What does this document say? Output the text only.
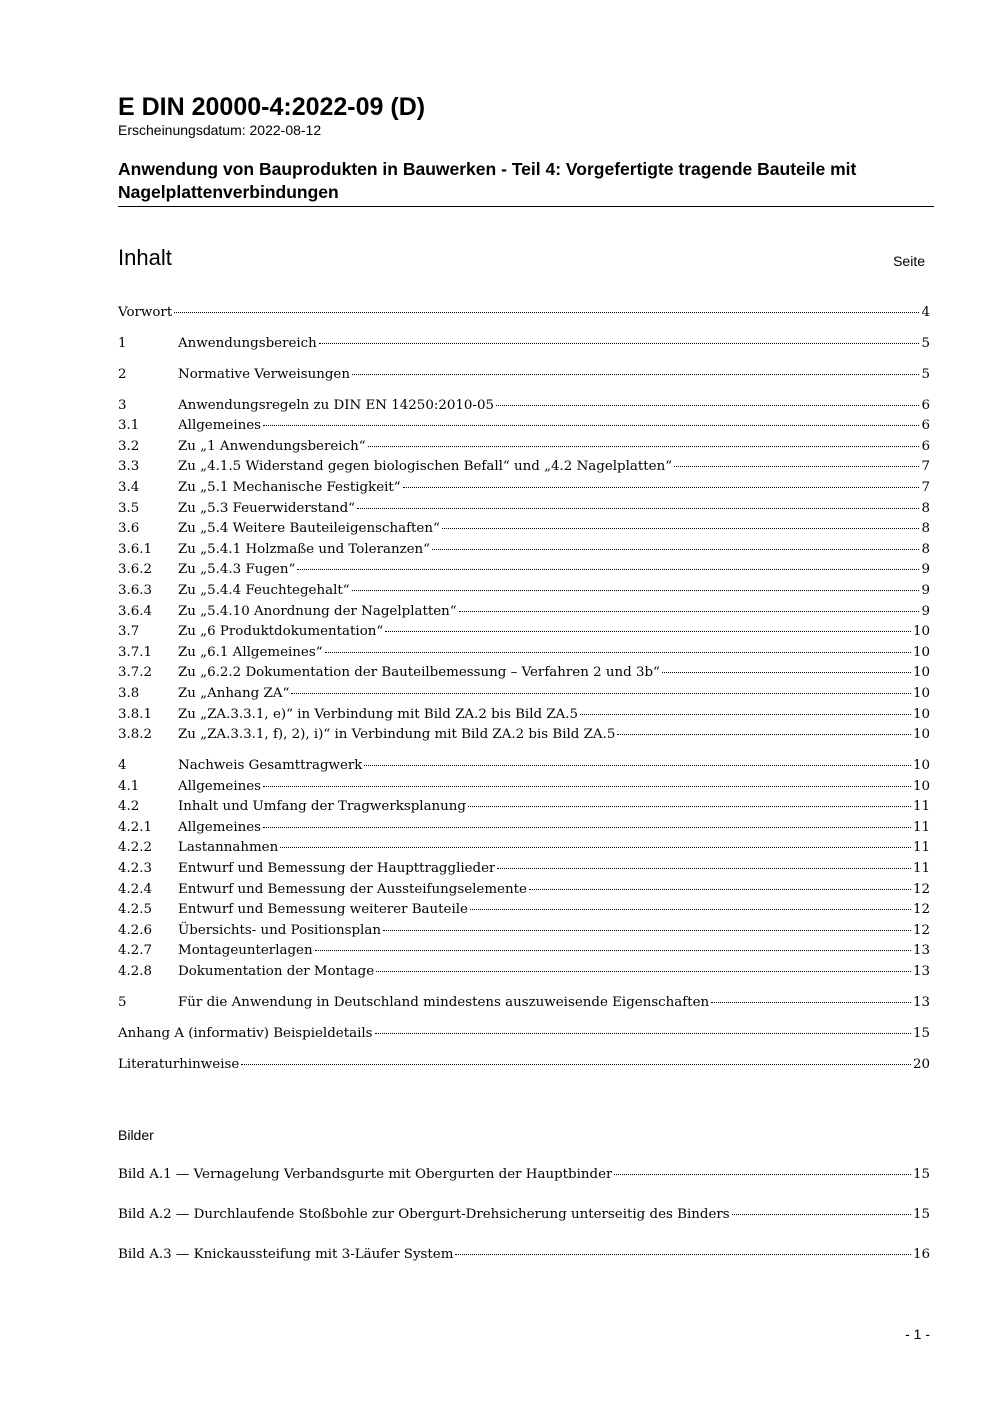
E DIN 20000-4:2022-09 (D)

Erscheinungsdatum: 2022-08-12

Anwendung von Bauprodukten in Bauwerken - Teil 4: Vorgefertigte tragende Bauteile mit Nagelplattenverbindungen

Inhalt	Seite
Vorwort	4
1	Anwendungsbereich	5
2	Normative Verweisungen	5
3	Anwendungsregeln zu DIN EN 14250:2010-05	6
3.1	Allgemeines	6
3.2	Zu „1 Anwendungsbereich“	6
3.3	Zu „4.1.5 Widerstand gegen biologischen Befall“ und „4.2 Nagelplatten“	7
3.4	Zu „5.1 Mechanische Festigkeit“	7
3.5	Zu „5.3 Feuerwiderstand“	8
3.6	Zu „5.4 Weitere Bauteileigenschaften“	8
3.6.1	Zu „5.4.1 Holzmaße und Toleranzen“	8
3.6.2	Zu „5.4.3 Fugen“	9
3.6.3	Zu „5.4.4 Feuchtegehalt“	9
3.6.4	Zu „5.4.10 Anordnung der Nagelplatten“	9
3.7	Zu „6 Produktdokumentation“	10
3.7.1	Zu „6.1 Allgemeines“	10
3.7.2	Zu „6.2.2 Dokumentation der Bauteilbemessung – Verfahren 2 und 3b“	10
3.8	Zu „Anhang ZA“	10
3.8.1	Zu „ZA.3.3.1, e)“ in Verbindung mit Bild ZA.2 bis Bild ZA.5	10
3.8.2	Zu „ZA.3.3.1, f), 2), i)“ in Verbindung mit Bild ZA.2 bis Bild ZA.5	10
4	Nachweis Gesamttragwerk	10
4.1	Allgemeines	10
4.2	Inhalt und Umfang der Tragwerksplanung	11
4.2.1	Allgemeines	11
4.2.2	Lastannahmen	11
4.2.3	Entwurf und Bemessung der Haupttragglieder	11
4.2.4	Entwurf und Bemessung der Aussteifungselemente	12
4.2.5	Entwurf und Bemessung weiterer Bauteile	12
4.2.6	Übersichts- und Positionsplan	12
4.2.7	Montageunterlagen	13
4.2.8	Dokumentation der Montage	13
5	Für die Anwendung in Deutschland mindestens auszuweisende Eigenschaften	13
Anhang A (informativ) Beispieldetails	15
Literaturhinweise	20
Bilder
Bild A.1 — Vernagelung Verbandsgurte mit Obergurten der Hauptbinder	15
Bild A.2 — Durchlaufende Stoßbohle zur Obergurt-Drehsicherung unterseitig des Binders	15
Bild A.3 — Knickaussteifung mit 3-Läufer System	16
- 1 -
